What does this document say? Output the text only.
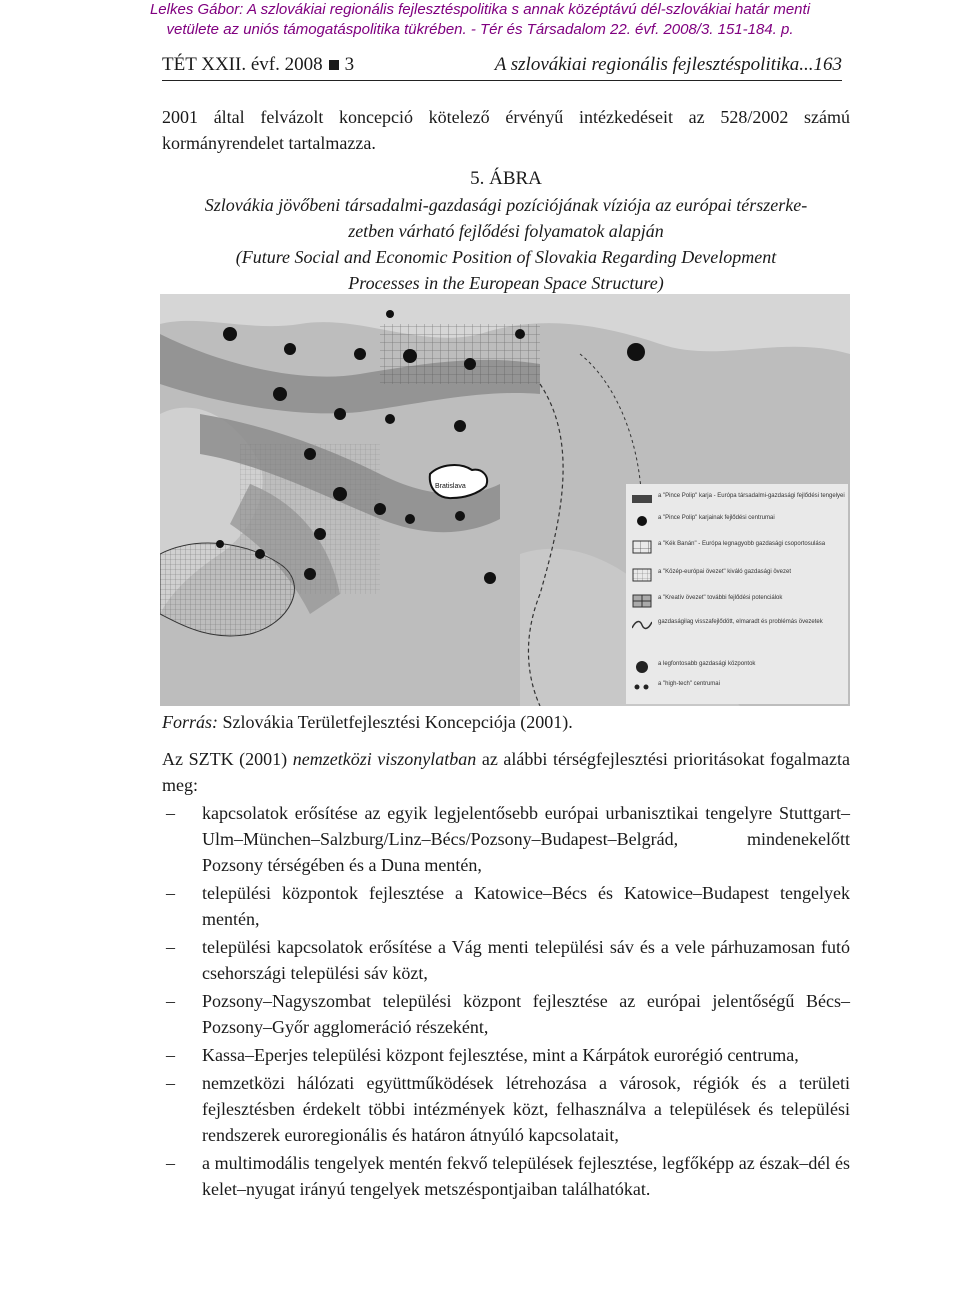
Lelkes Gábor: A szlovákiai regionális fejlesztéspolitika s annak középtávú dél-szlovákiai határ menti
vetülete az uniós támogatáspolitika tükrében. - Tér és Társadalom 22. évf. 2008/3. 151-184. p.
TÉT XXII. évf. 2008 3	A szlovákiai regionális fejlesztéspolitika...163
2001 által felvázolt koncepció kötelező érvényű intézkedéseit az 528/2002 számú kormányrendelet tartalmazza.
5. ÁBRA
Szlovákia jövőbeni társadalmi-gazdasági pozíciójának víziója az európai térszerke-
zetben várható fejlődési folyamatok alapján
(Future Social and Economic Position of Slovakia Regarding Development
Processes in the European Space Structure)
Bratislava
a "Pince Polip" karja - Európa társadalmi-gazdasági fejlődési tengelyei
a "Pince Polip" karjainak fejlődési centrumai
a "Kék Banán" - Európa legnagyobb gazdasági csoportosulása
a "Közép-európai övezet" kiváló gazdasági övezet
a "Kreatív övezet" további fejlődési potenciálok
gazdaságilag visszafejlődött, elmaradt és problémás övezetek
a legfontosabb gazdasági központok
a "high-tech" centrumai
Forrás: Szlovákia Területfejlesztési Koncepciója (2001).
Az SZTK (2001) nemzetközi viszonylatban az alábbi térségfejlesztési prioritásokat fogalmazta meg:
– kapcsolatok erősítése az egyik legjelentősebb európai urbanisztikai tengelyre Stuttgart–Ulm–München–Salzburg/Linz–Bécs/Pozsony–Budapest–Belgrád, mindenekelőtt Pozsony térségében és a Duna mentén,
– települési központok fejlesztése a Katowice–Bécs és Katowice–Budapest tengelyek mentén,
– települési kapcsolatok erősítése a Vág menti települési sáv és a vele párhuzamosan futó csehországi települési sáv közt,
– Pozsony–Nagyszombat települési központ fejlesztése az európai jelentőségű Bécs–Pozsony–Győr agglomeráció részeként,
– Kassa–Eperjes települési központ fejlesztése, mint a Kárpátok eurorégió centruma,
– nemzetközi hálózati együttműködések létrehozása a városok, régiók és a területi fejlesztésben érdekelt többi intézmények közt, felhasználva a települések és települési rendszerek euroregionális és határon átnyúló kapcsolatait,
– a multimodális tengelyek mentén fekvő települések fejlesztése, legfőképp az észak–dél és kelet–nyugat irányú tengelyek metszéspontjaiban találhatókat.
